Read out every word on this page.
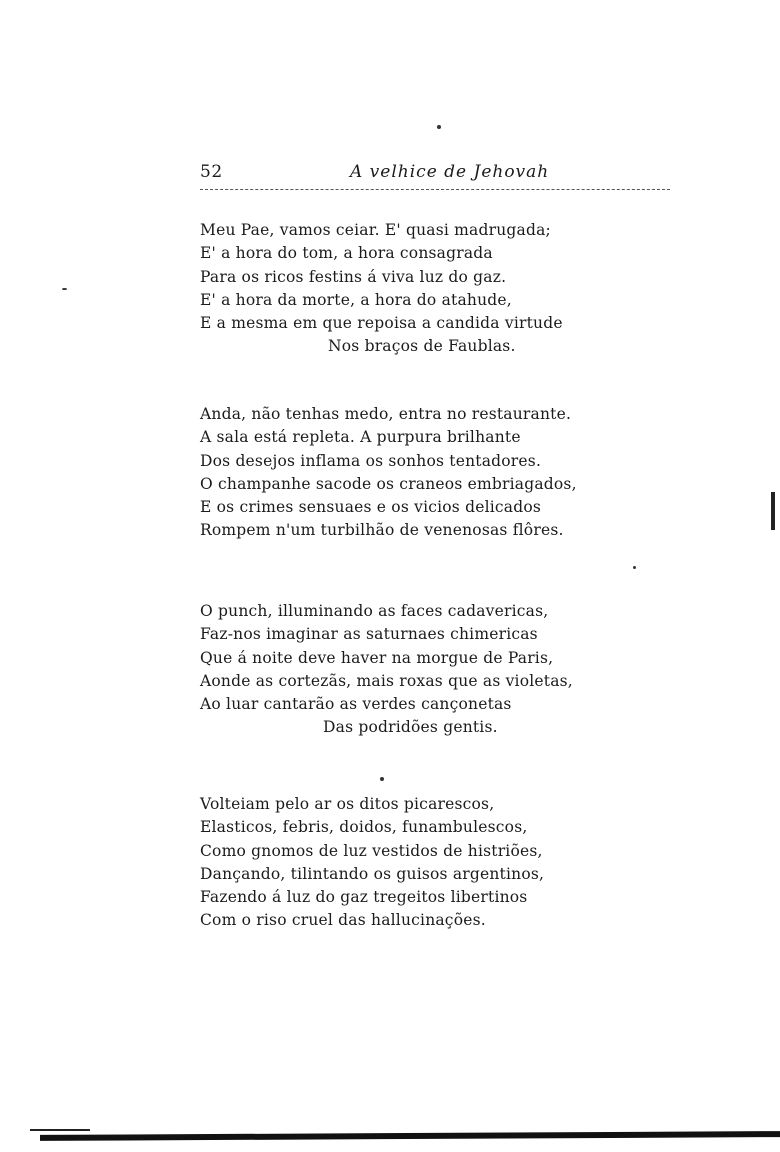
52	A velhice de Jehovah
Meu Pae, vamos ceiar. E' quasi madrugada;
E' a hora do tom, a hora consagrada
Para os ricos festins á viva luz do gaz.
E' a hora da morte, a hora do atahude,
E a mesma em que repoisa a candida virtude
Nos braços de Faublas.
Anda, não tenhas medo, entra no restaurante.
A sala está repleta. A purpura brilhante
Dos desejos inflama os sonhos tentadores.
O champanhe sacode os craneos embriagados,
E os crimes sensuaes e os vicios delicados
Rompem n'um turbilhão de venenosas flôres.
O punch, illuminando as faces cadavericas,
Faz-nos imaginar as saturnaes chimericas
Que á noite deve haver na morgue de Paris,
Aonde as cortezãs, mais roxas que as violetas,
Ao luar cantarão as verdes cançonetas
Das podridões gentis.
Volteiam pelo ar os ditos picarescos,
Elasticos, febris, doidos, funambulescos,
Como gnomos de luz vestidos de histriões,
Dançando, tilintando os guisos argentinos,
Fazendo á luz do gaz tregeitos libertinos
Com o riso cruel das hallucinações.
